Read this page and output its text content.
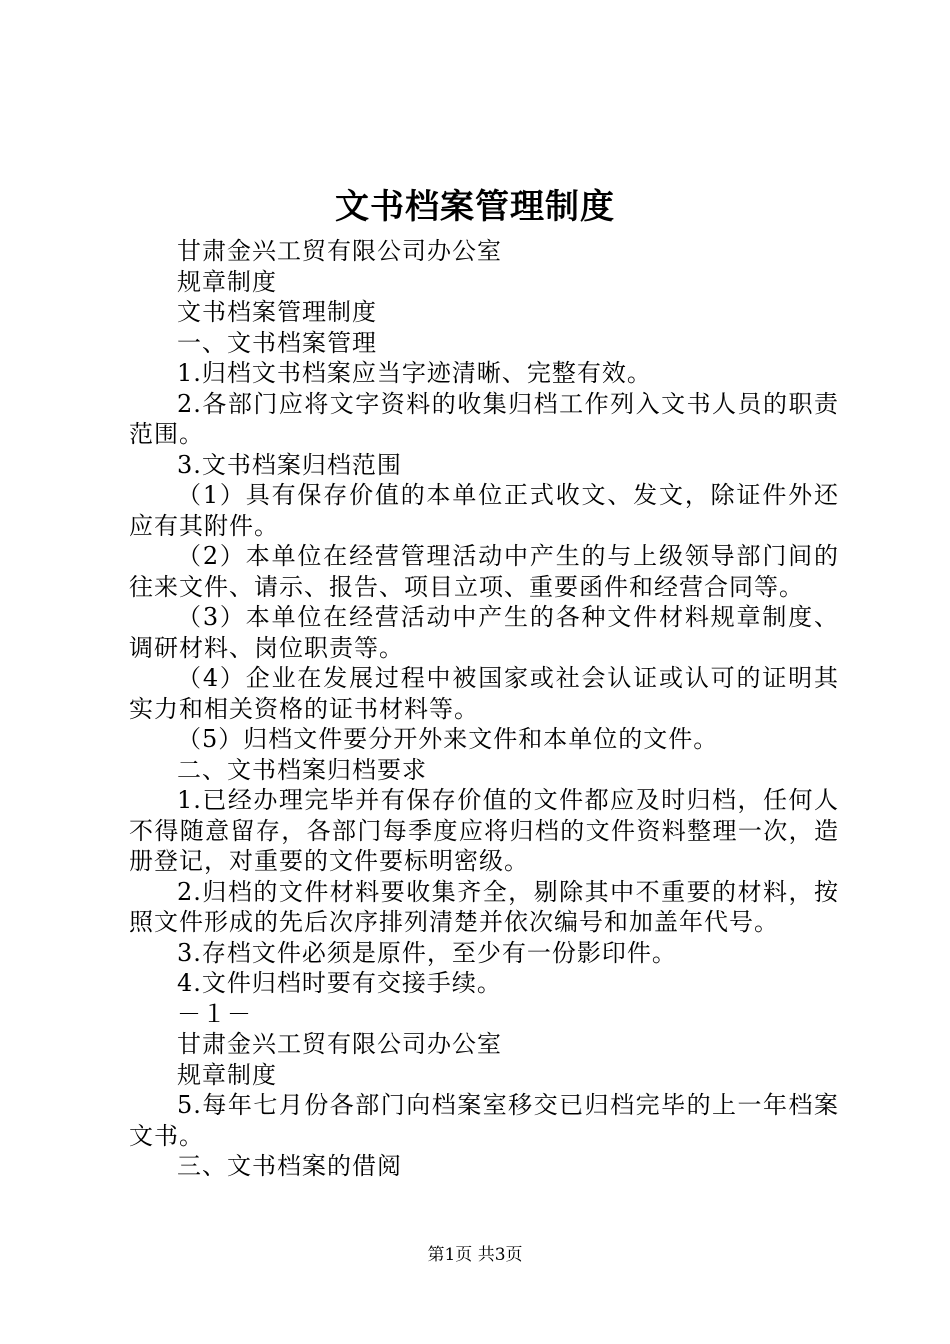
文书档案管理制度

甘肃金兴工贸有限公司办公室

规章制度

文书档案管理制度

一、文书档案管理

1.归档文书档案应当字迹清晰、完整有效。

2.各部门应将文字资料的收集归档工作列入文书人员的职责范围。

3.文书档案归档范围

（1）具有保存价值的本单位正式收文、发文，除证件外还应有其附件。

（2）本单位在经营管理活动中产生的与上级领导部门间的往来文件、请示、报告、项目立项、重要函件和经营合同等。

（3）本单位在经营活动中产生的各种文件材料规章制度、调研材料、岗位职责等。

（4）企业在发展过程中被国家或社会认证或认可的证明其实力和相关资格的证书材料等。

（5）归档文件要分开外来文件和本单位的文件。

二、文书档案归档要求

1.已经办理完毕并有保存价值的文件都应及时归档，任何人不得随意留存，各部门每季度应将归档的文件资料整理一次，造册登记，对重要的文件要标明密级。

2.归档的文件材料要收集齐全，剔除其中不重要的材料，按照文件形成的先后次序排列清楚并依次编号和加盖年代号。

3.存档文件必须是原件，至少有一份影印件。

4.文件归档时要有交接手续。

－１－

甘肃金兴工贸有限公司办公室

规章制度

5.每年七月份各部门向档案室移交已归档完毕的上一年档案文书。

三、文书档案的借阅

第1页 共3页
